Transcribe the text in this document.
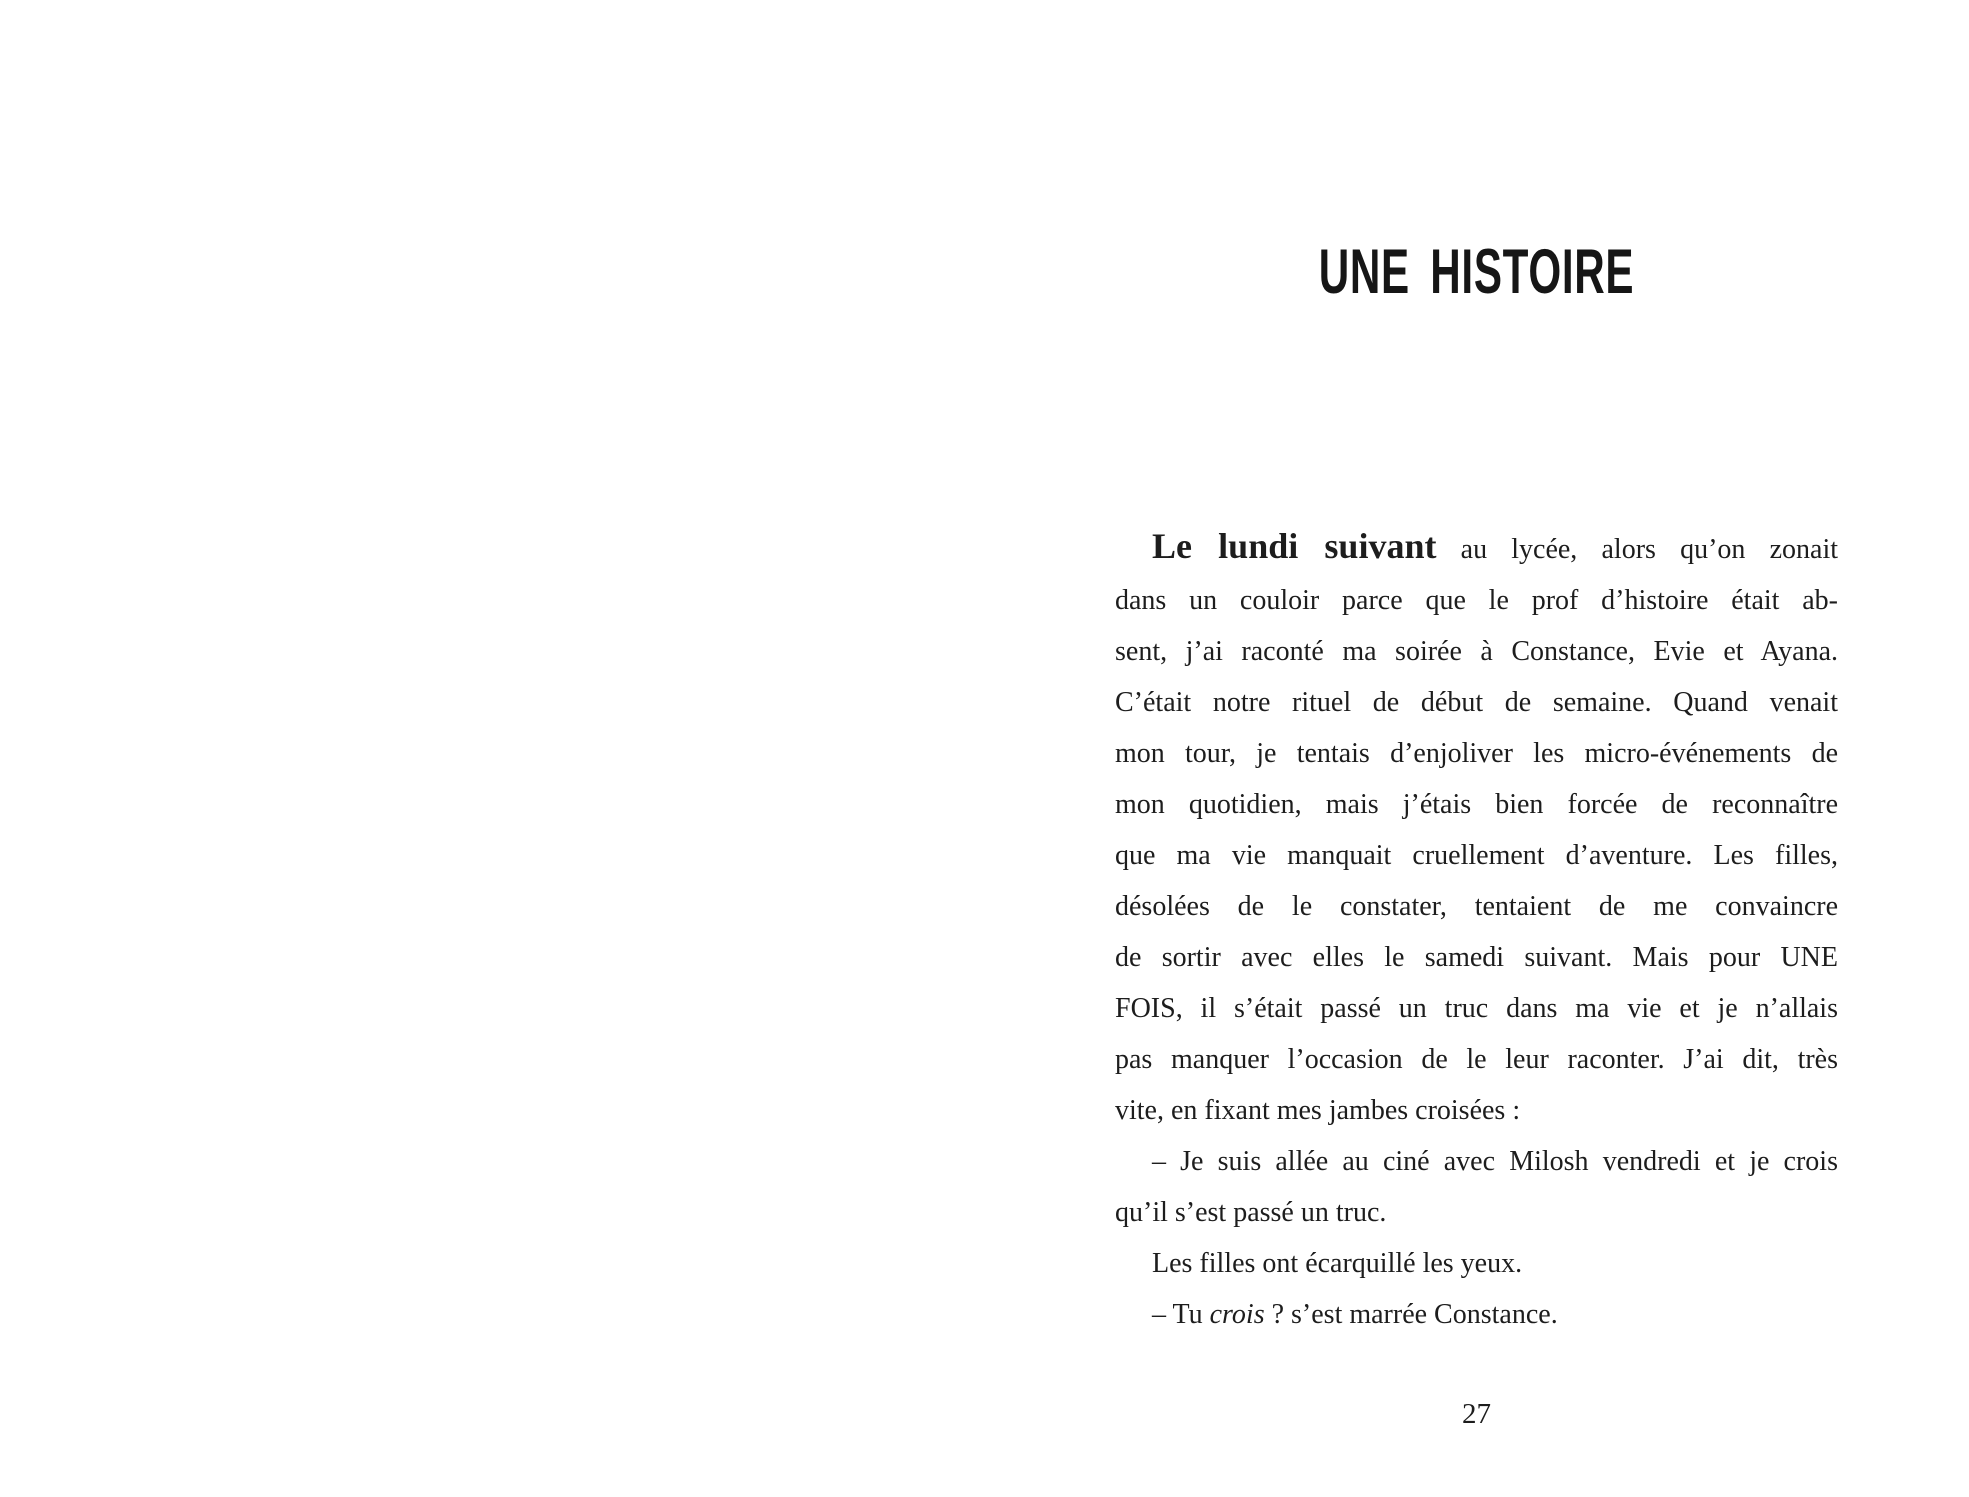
UNE HISTOIRE
Le lundi suivant au lycée, alors qu’on zonait
dans un couloir parce que le prof d’histoire était ab-
sent, j’ai raconté ma soirée à Constance, Evie et Ayana.
C’était notre rituel de début de semaine. Quand venait
mon tour, je tentais d’enjoliver les micro-événements de
mon quotidien, mais j’étais bien forcée de reconnaître
que ma vie manquait cruellement d’aventure. Les filles,
désolées de le constater, tentaient de me convaincre
de sortir avec elles le samedi suivant. Mais pour UNE
FOIS, il s’était passé un truc dans ma vie et je n’allais
pas manquer l’occasion de le leur raconter. J’ai dit, très
vite, en fixant mes jambes croisées :
– Je suis allée au ciné avec Milosh vendredi et je crois
qu’il s’est passé un truc.
Les filles ont écarquillé les yeux.
– Tu crois ? s’est marrée Constance.
27
